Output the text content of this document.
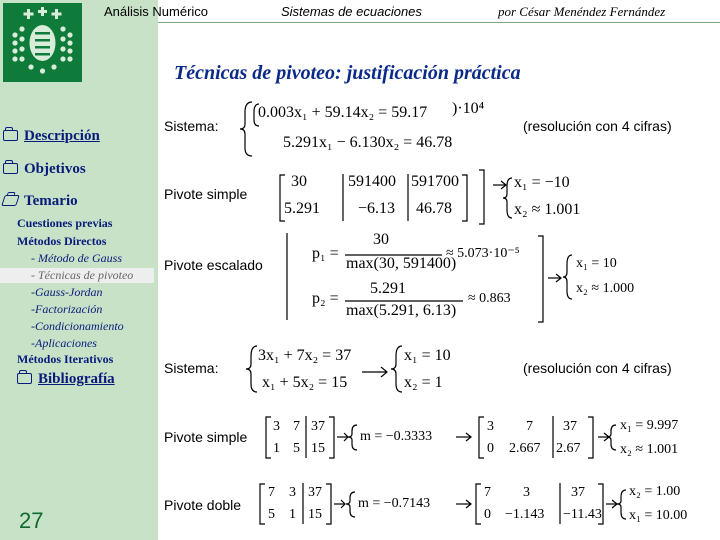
Análisis Numérico	Sistemas de ecuaciones	por César Menéndez Fernández
Técnicas de pivoteo: justificación práctica
Descripción
Objetivos
Temario
Cuestiones previas
Métodos Directos
- Método de Gauss
- Técnicas de pivoteo
-Gauss-Jordan
-Factorización
-Condicionamiento
-Aplicaciones
Métodos Iterativos
Bibliografía
27
Sistema:	(resolución con 4 cifras)
Pivote simple
Pivote escalado
Sistema:	(resolución con 4 cifras)
Pivote simple
Pivote doble
0.003x₁ + 59.14x₂ = 59.17 )·10⁴
5.291x₁ − 6.130x₂ = 46.78
30	591400 591700
5.291 −6.13 46.78
x₁ = −10
x₂ ≈ 1.001
p₁ =
30
max(30, 591400)
≈ 5.073·10⁻⁵
p₂ =
5.291
max(5.291, 6.13)
≈ 0.863
x₁ = 10
x₂ ≈ 1.000
3x₁ + 7x₂ = 37
x₁ + 5x₂ = 15
x₁ = 10
x₂ = 1
3 7 37
1 5 15
m = −0.3333
3 7 37
0 2.667 2.67
x₁ = 9.997
x₂ ≈ 1.001
7 3 37
5 1 15
m = −0.7143
7 3	37
0 −1.143 −11.43
x₂ = 1.00
x₁ = 10.00
